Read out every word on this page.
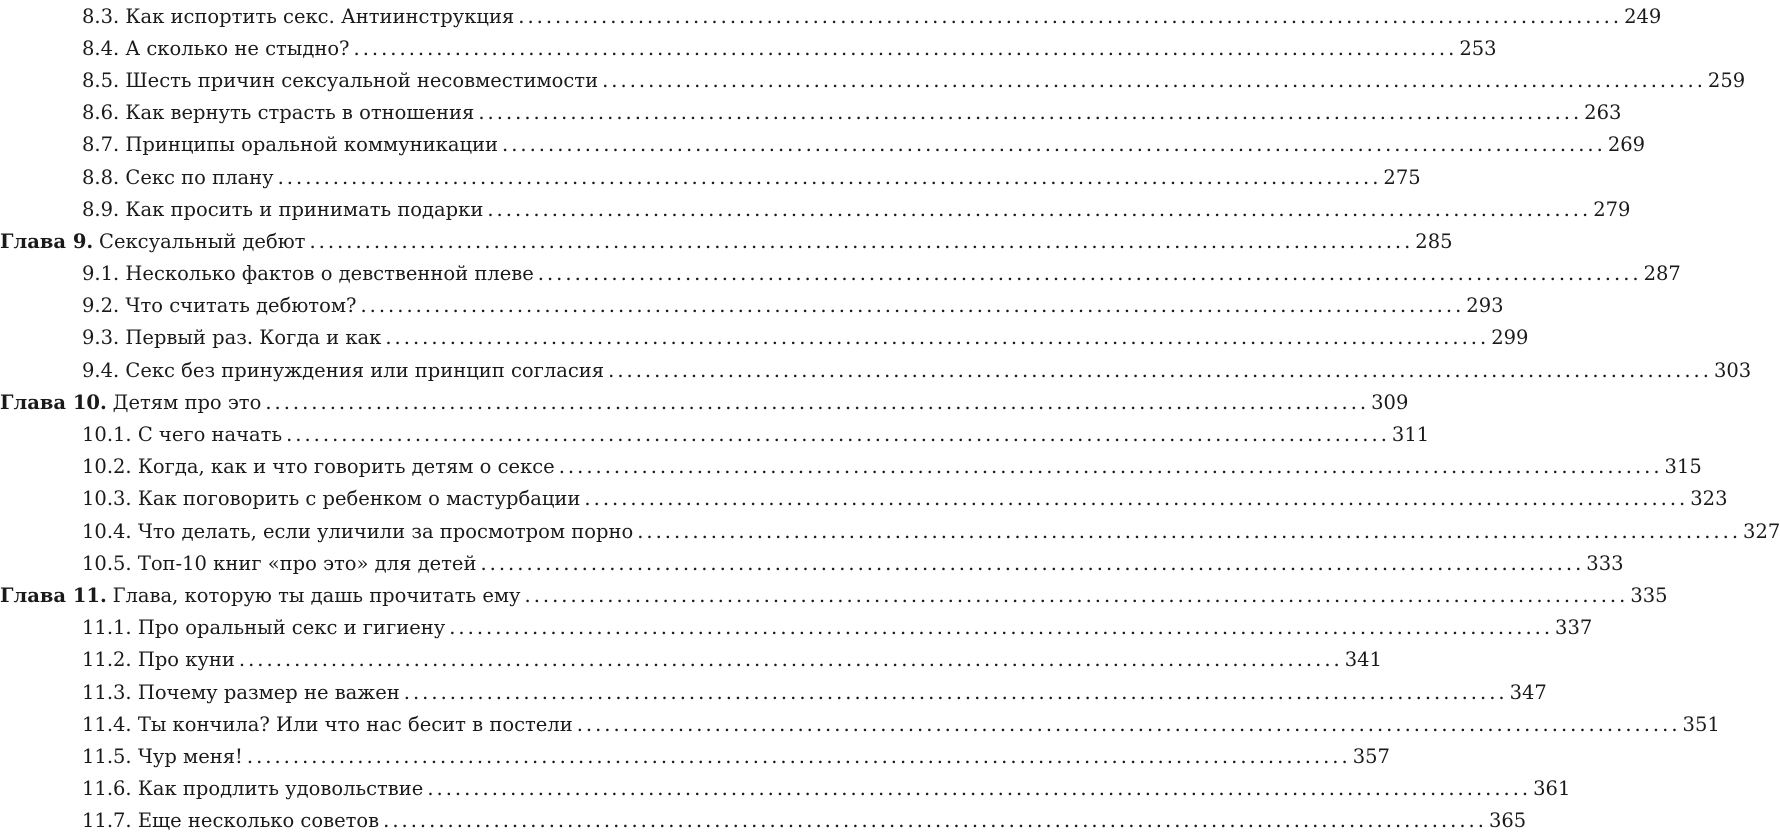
8.3. Как испортить секс. Антиинструкция ........................................................................................................................ 249
8.4. А сколько не стыдно? ........................................................................................................................ 253
8.5. Шесть причин сексуальной несовместимости ........................................................................................................................ 259
8.6. Как вернуть страсть в отношения ........................................................................................................................ 263
8.7. Принципы оральной коммуникации ........................................................................................................................ 269
8.8. Секс по плану ........................................................................................................................ 275
8.9. Как просить и принимать подарки ........................................................................................................................ 279
Глава 9. Сексуальный дебют ........................................................................................................................ 285
9.1. Несколько фактов о девственной плеве ........................................................................................................................ 287
9.2. Что считать дебютом? ........................................................................................................................ 293
9.3. Первый раз. Когда и как ........................................................................................................................ 299
9.4. Секс без принуждения или принцип согласия ........................................................................................................................ 303
Глава 10. Детям про это ........................................................................................................................ 309
10.1. С чего начать ........................................................................................................................ 311
10.2. Когда, как и что говорить детям о сексе ........................................................................................................................ 315
10.3. Как поговорить с ребенком о мастурбации ........................................................................................................................ 323
10.4. Что делать, если уличили за просмотром порно ........................................................................................................................ 327
10.5. Топ-10 книг «про это» для детей ........................................................................................................................ 333
Глава 11. Глава, которую ты дашь прочитать ему ........................................................................................................................ 335
11.1. Про оральный секс и гигиену ........................................................................................................................ 337
11.2. Про куни ........................................................................................................................ 341
11.3. Почему размер не важен ........................................................................................................................ 347
11.4. Ты кончила? Или что нас бесит в постели ........................................................................................................................ 351
11.5. Чур меня! ........................................................................................................................ 357
11.6. Как продлить удовольствие ........................................................................................................................ 361
11.7. Еще несколько советов ........................................................................................................................ 365
